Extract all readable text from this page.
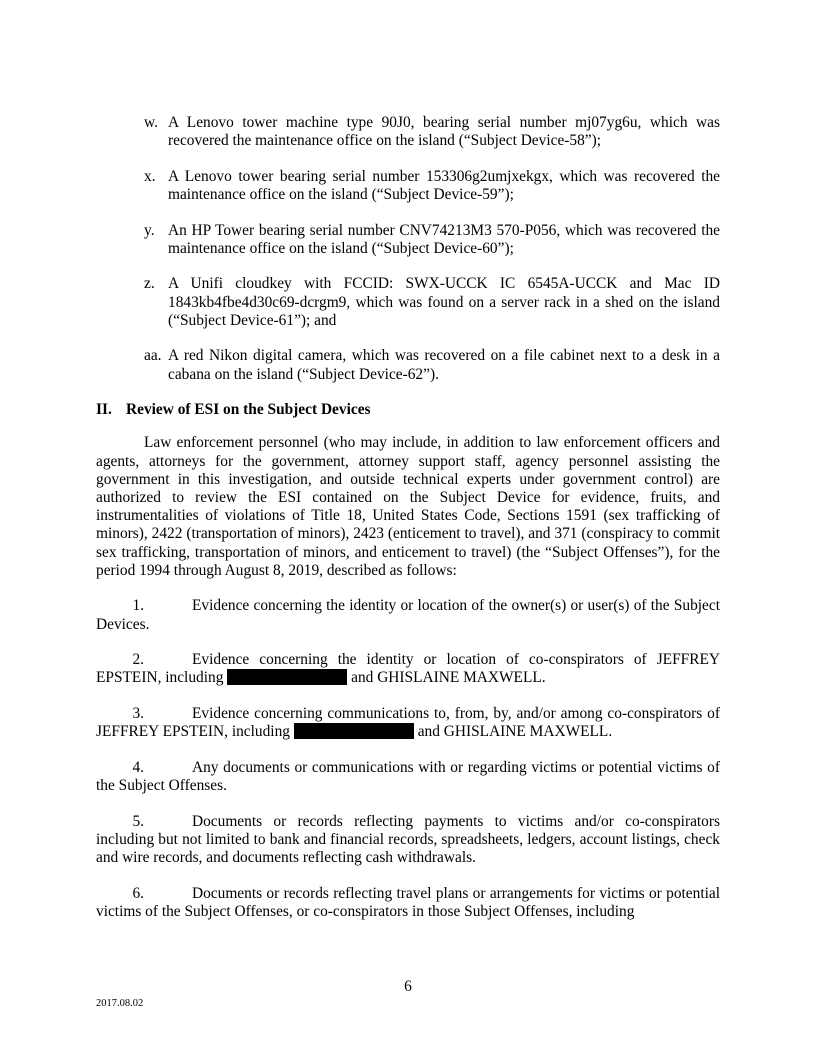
w. A Lenovo tower machine type 90J0, bearing serial number mj07yg6u, which was recovered the maintenance office on the island (“Subject Device-58”);
x. A Lenovo tower bearing serial number 153306g2umjxekgx, which was recovered the maintenance office on the island (“Subject Device-59”);
y. An HP Tower bearing serial number CNV74213M3 570-P056, which was recovered the maintenance office on the island (“Subject Device-60”);
z. A Unifi cloudkey with FCCID: SWX-UCCK IC 6545A-UCCK and Mac ID 1843kb4fbe4d30c69-dcrgm9, which was found on a server rack in a shed on the island (“Subject Device-61”); and
aa. A red Nikon digital camera, which was recovered on a file cabinet next to a desk in a cabana on the island (“Subject Device-62”).
II. Review of ESI on the Subject Devices

Law enforcement personnel (who may include, in addition to law enforcement officers and agents, attorneys for the government, attorney support staff, agency personnel assisting the government in this investigation, and outside technical experts under government control) are authorized to review the ESI contained on the Subject Device for evidence, fruits, and instrumentalities of violations of Title 18, United States Code, Sections 1591 (sex trafficking of minors), 2422 (transportation of minors), 2423 (enticement to travel), and 371 (conspiracy to commit sex trafficking, transportation of minors, and enticement to travel) (the “Subject Offenses”), for the period 1994 through August 8, 2019, described as follows:

1.	Evidence concerning the identity or location of the owner(s) or user(s) of the Subject Devices.

2.	Evidence concerning the identity or location of co-conspirators of JEFFREY EPSTEIN, including	and GHISLAINE MAXWELL.

3.	Evidence concerning communications to, from, by, and/or among co-conspirators of JEFFREY EPSTEIN, including	and GHISLAINE MAXWELL.

4.	Any documents or communications with or regarding victims or potential victims of the Subject Offenses.

5.	Documents or records reflecting payments to victims and/or co-conspirators including but not limited to bank and financial records, spreadsheets, ledgers, account listings, check and wire records, and documents reflecting cash withdrawals.

6.	Documents or records reflecting travel plans or arrangements for victims or potential victims of the Subject Offenses, or co-conspirators in those Subject Offenses, including

6
2017.08.02
